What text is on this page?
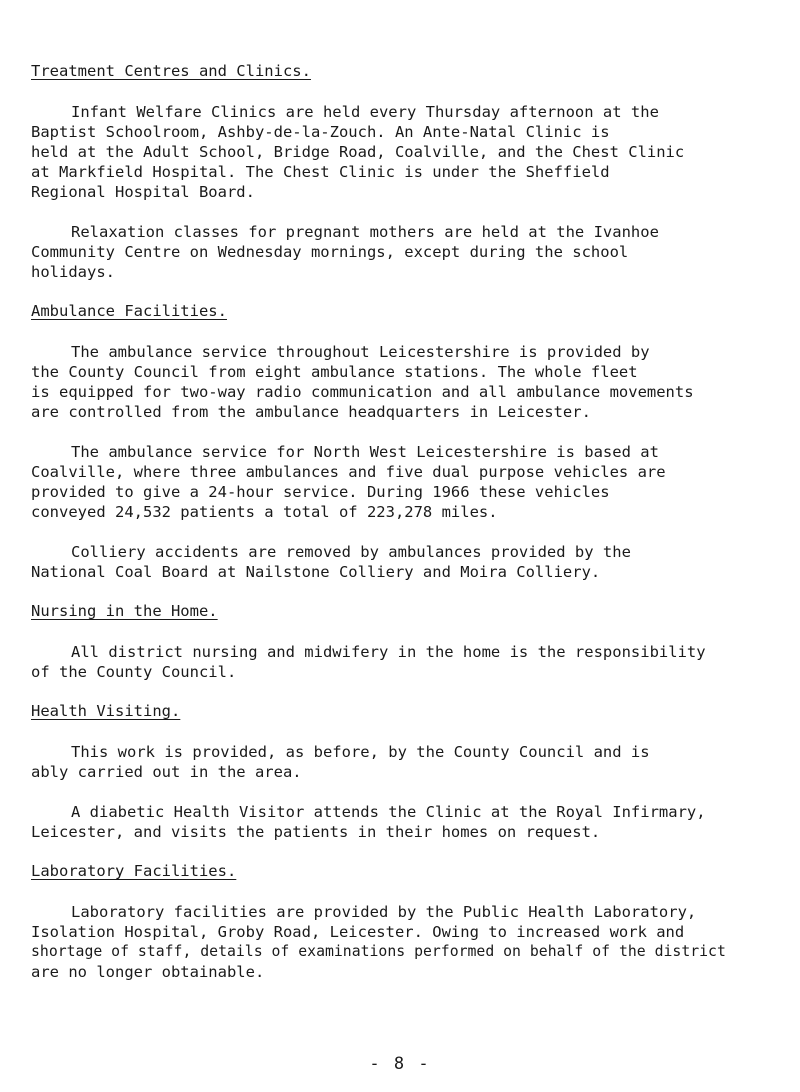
Treatment Centres and Clinics.
Infant Welfare Clinics are held every Thursday afternoon at the
Baptist Schoolroom, Ashby-de-la-Zouch. An Ante-Natal Clinic is
held at the Adult School, Bridge Road, Coalville, and the Chest Clinic
at Markfield Hospital. The Chest Clinic is under the Sheffield
Regional Hospital Board.
Relaxation classes for pregnant mothers are held at the Ivanhoe
Community Centre on Wednesday mornings, except during the school
holidays.
Ambulance Facilities.
The ambulance service throughout Leicestershire is provided by
the County Council from eight ambulance stations. The whole fleet
is equipped for two-way radio communication and all ambulance movements
are controlled from the ambulance headquarters in Leicester.
The ambulance service for North West Leicestershire is based at
Coalville, where three ambulances and five dual purpose vehicles are
provided to give a 24-hour service. During 1966 these vehicles
conveyed 24,532 patients a total of 223,278 miles.
Colliery accidents are removed by ambulances provided by the
National Coal Board at Nailstone Colliery and Moira Colliery.
Nursing in the Home.
All district nursing and midwifery in the home is the responsibility
of the County Council.
Health Visiting.
This work is provided, as before, by the County Council and is
ably carried out in the area.
A diabetic Health Visitor attends the Clinic at the Royal Infirmary,
Leicester, and visits the patients in their homes on request.
Laboratory Facilities.
Laboratory facilities are provided by the Public Health Laboratory,
Isolation Hospital, Groby Road, Leicester. Owing to increased work and
shortage of staff, details of examinations performed on behalf of the district
are no longer obtainable.
- 8 -
